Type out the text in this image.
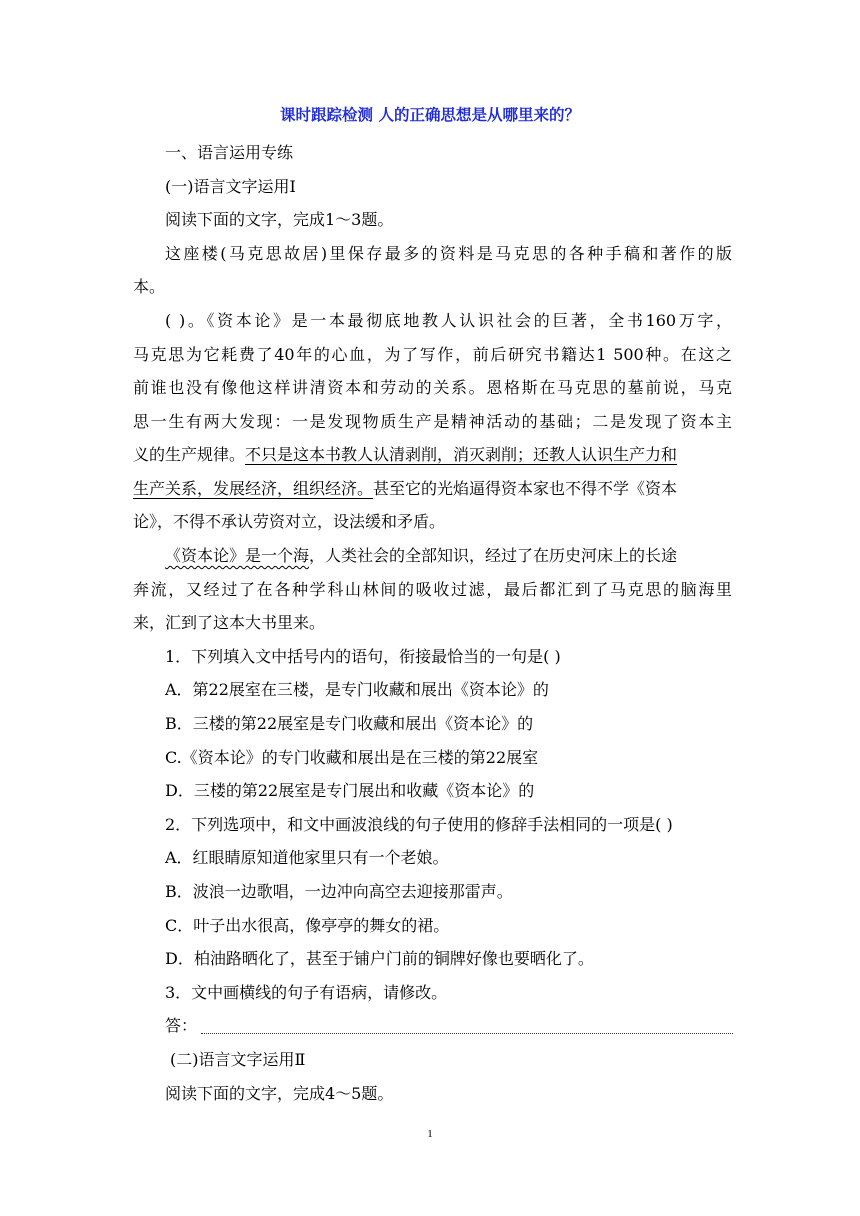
课时跟踪检测 人的正确思想是从哪里来的？
一、语言运用专练
(一)语言文字运用Ⅰ
阅读下面的文字，完成1～3题。
这座楼(马克思故居)里保存最多的资料是马克思的各种手稿和著作的版
本。
( )。《资本论》是一本最彻底地教人认识社会的巨著，全书160万字，
马克思为它耗费了40年的心血，为了写作，前后研究书籍达1 500种。在这之
前谁也没有像他这样讲清资本和劳动的关系。恩格斯在马克思的墓前说，马克
思一生有两大发现：一是发现物质生产是精神活动的基础；二是发现了资本主
义的生产规律。不只是这本书教人认清剥削，消灭剥削；还教人认识生产力和
生产关系，发展经济，组织经济。甚至它的光焰逼得资本家也不得不学《资本
论》，不得不承认劳资对立，设法缓和矛盾。
《资本论》是一个海，人类社会的全部知识，经过了在历史河床上的长途
奔流，又经过了在各种学科山林间的吸收过滤，最后都汇到了马克思的脑海里
来，汇到了这本大书里来。
1．下列填入文中括号内的语句，衔接最恰当的一句是( )
A．第22展室在三楼，是专门收藏和展出《资本论》的
B．三楼的第22展室是专门收藏和展出《资本论》的
C.《资本论》的专门收藏和展出是在三楼的第22展室
D．三楼的第22展室是专门展出和收藏《资本论》的
2．下列选项中，和文中画波浪线的句子使用的修辞手法相同的一项是( )
A．红眼睛原知道他家里只有一个老娘。
B．波浪一边歌唱，一边冲向高空去迎接那雷声。
C．叶子出水很高，像亭亭的舞女的裙。
D．柏油路晒化了，甚至于铺户门前的铜牌好像也要晒化了。
3．文中画横线的句子有语病，请修改。
答：
(二)语言文字运用Ⅱ
阅读下面的文字，完成4～5题。
1
